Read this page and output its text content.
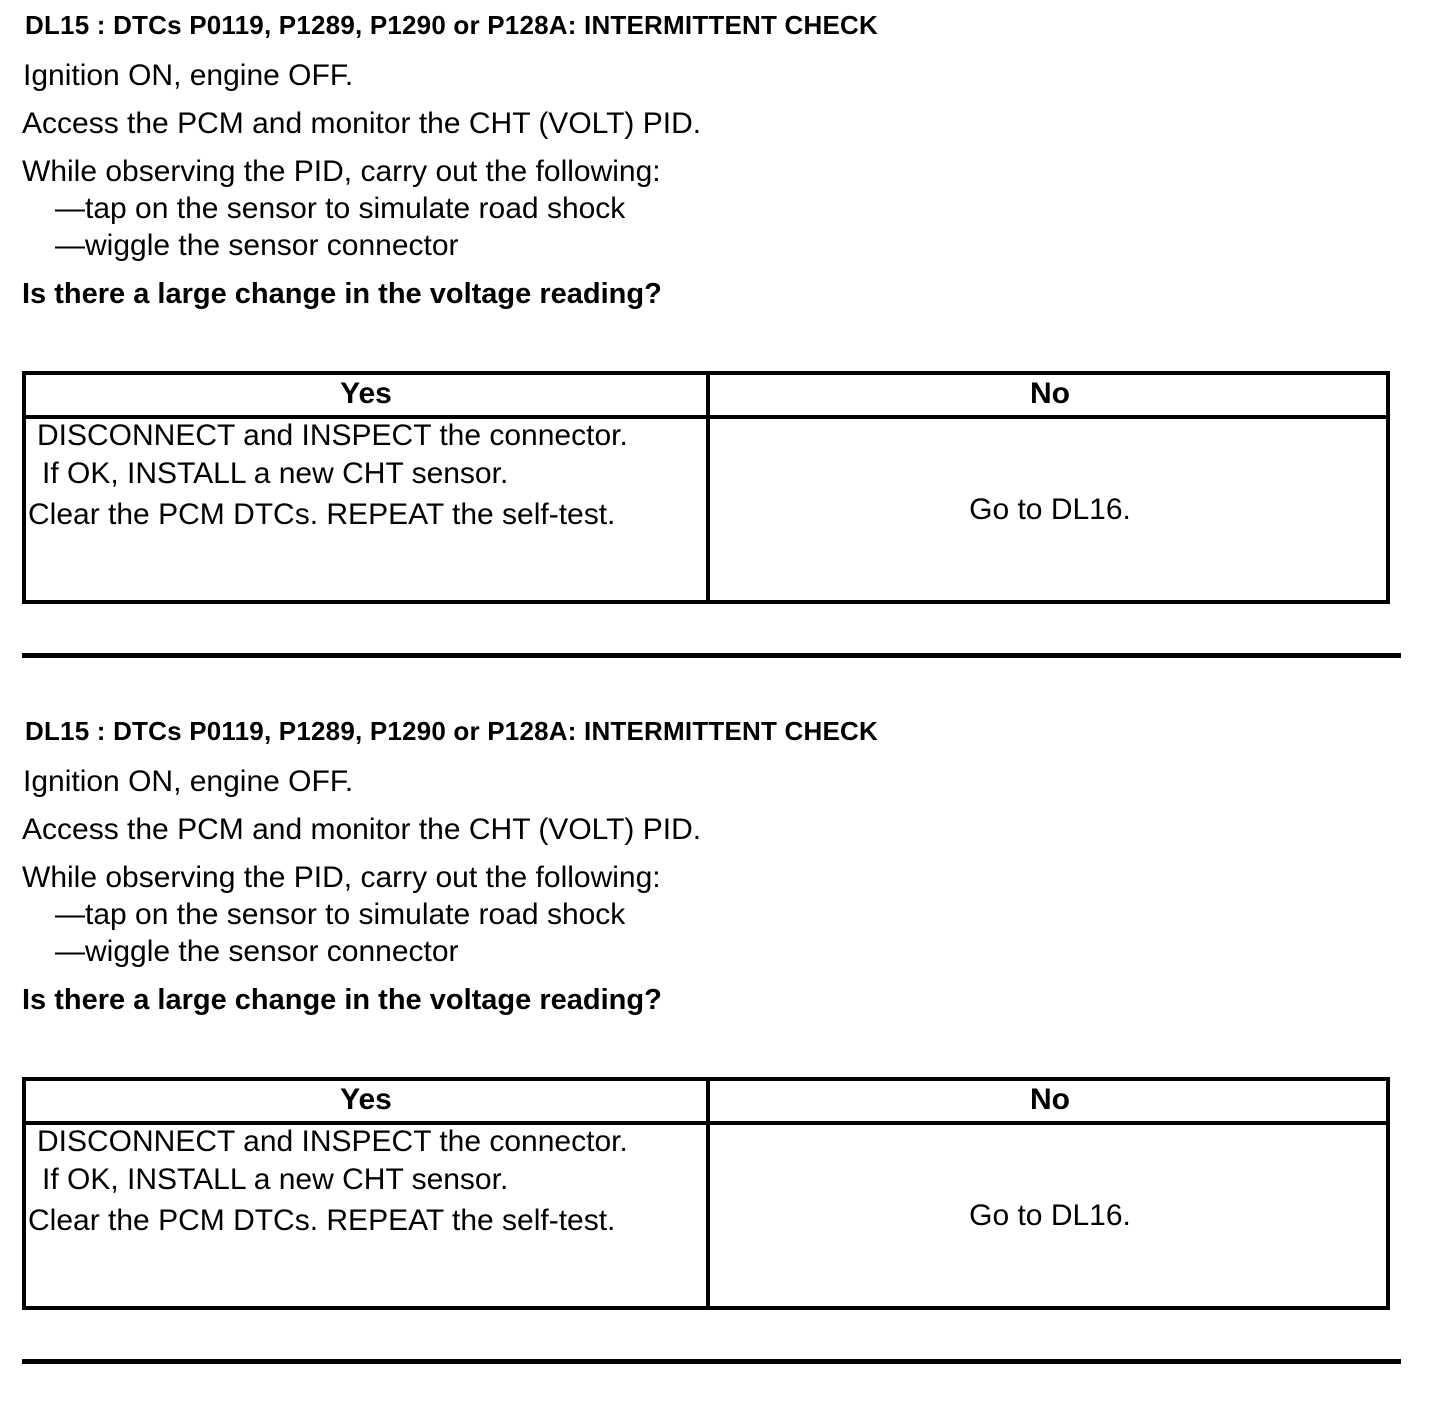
DL15 : DTCs P0119, P1289, P1290 or P128A: INTERMITTENT CHECK
Ignition ON, engine OFF.
Access the PCM and monitor the CHT (VOLT) PID.
While observing the PID, carry out the following:
—tap on the sensor to simulate road shock
—wiggle the sensor connector
Is there a large change in the voltage reading?
Yes	No
DISCONNECT and INSPECT the connector.
If OK, INSTALL a new CHT sensor.
Clear the PCM DTCs. REPEAT the self-test.	Go to DL16.
DL15 : DTCs P0119, P1289, P1290 or P128A: INTERMITTENT CHECK
Ignition ON, engine OFF.
Access the PCM and monitor the CHT (VOLT) PID.
While observing the PID, carry out the following:
—tap on the sensor to simulate road shock
—wiggle the sensor connector
Is there a large change in the voltage reading?
Yes	No
DISCONNECT and INSPECT the connector.
If OK, INSTALL a new CHT sensor.
Clear the PCM DTCs. REPEAT the self-test.	Go to DL16.
